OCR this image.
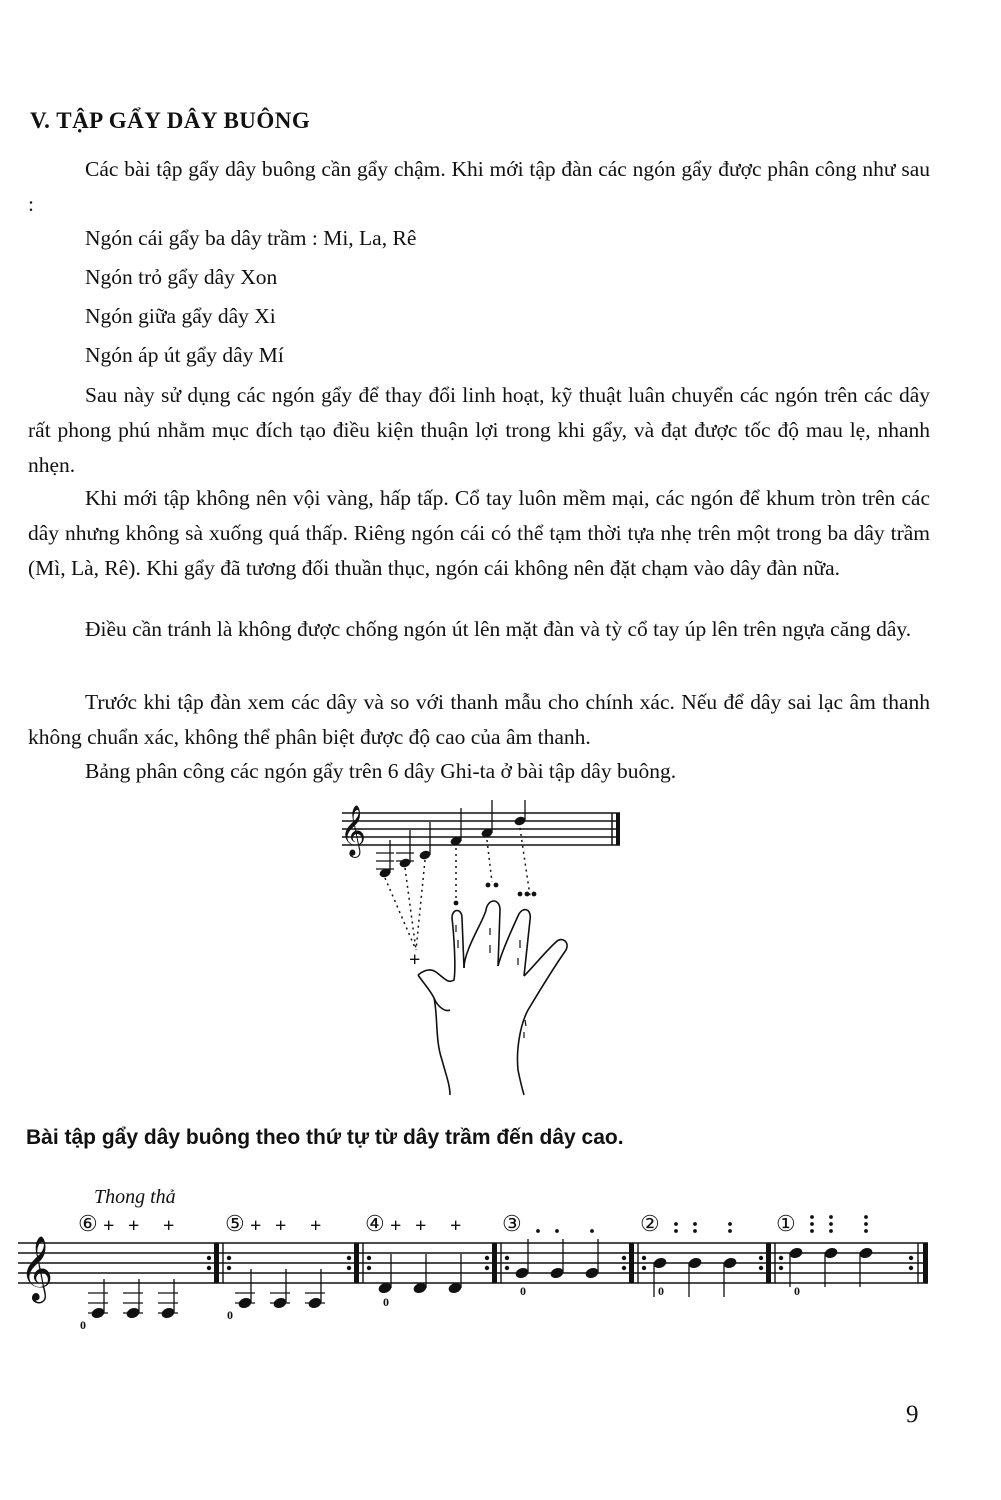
V. TẬP GẨY DÂY BUÔNG

Các bài tập gẩy dây buông cần gẩy chậm. Khi mới tập đàn các ngón gẩy được phân công như sau :

Ngón cái gẩy ba dây trầm : Mi, La, Rê
Ngón trỏ gẩy dây Xon
Ngón giữa gẩy dây Xi
Ngón áp út gẩy dây Mí

Sau này sử dụng các ngón gẩy để thay đổi linh hoạt, kỹ thuật luân chuyển các ngón trên các dây rất phong phú nhằm mục đích tạo điều kiện thuận lợi trong khi gẩy, và đạt được tốc độ mau lẹ, nhanh nhẹn.

Khi mới tập không nên vội vàng, hấp tấp. Cổ tay luôn mềm mại, các ngón để khum tròn trên các dây nhưng không sà xuống quá thấp. Riêng ngón cái có thể tạm thời tựa nhẹ trên một trong ba dây trầm (Mì, Là, Rê). Khi gẩy đã tương đối thuần thục, ngón cái không nên đặt chạm vào dây đàn nữa.

Điều cần tránh là không được chống ngón út lên mặt đàn và tỳ cổ tay úp lên trên ngựa căng dây.

Trước khi tập đàn xem các dây và so với thanh mẫu cho chính xác. Nếu để dây sai lạc âm thanh không chuẩn xác, không thể phân biệt được độ cao của âm thanh.

Bảng phân công các ngón gẩy trên 6 dây Ghi-ta ở bài tập dây buông.
𝄞
+
Bài tập gẩy dây buông theo thứ tự từ dây trầm đến dây cao.
Thong thả
𝄞
⑥ + + +
0
⑤ + + +
0
④ + + +
0
③
0
②
0
①
0
9
